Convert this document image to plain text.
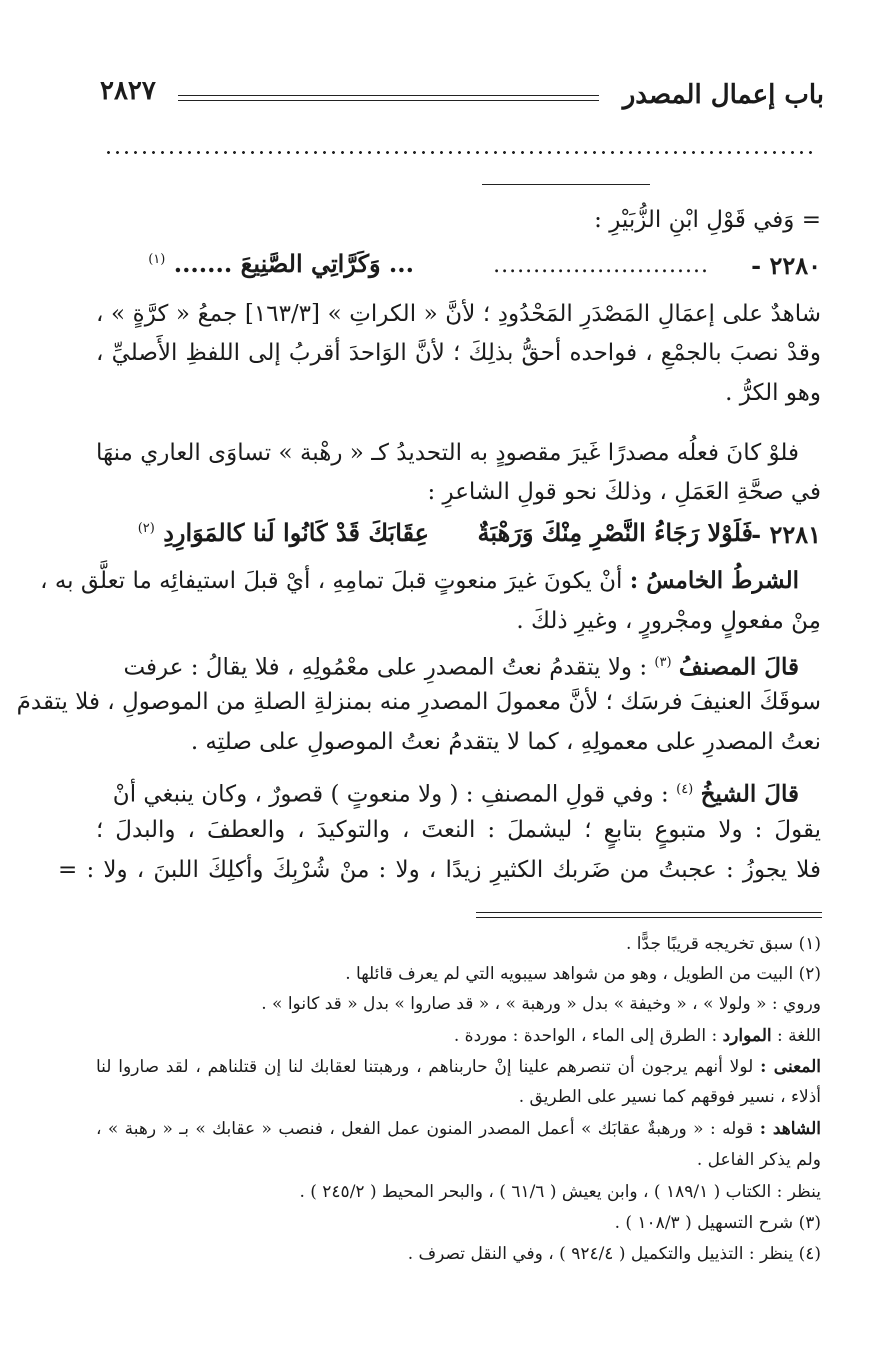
باب إعمال المصدر
٢٨٢٧
= وَفي قَوْلِ ابْنِ الزُّبَيْرِ :
٢٢٨٠ -
...........................
... وَكَرَّاتِي الصَّنِيعَ ....... $^{(١)}$
شاهدٌ على إعمَالِ المَصْدَرِ المَحْدُودِ ؛ لأنَّ « الكراتِ » [١٦٣/٣] جمعُ « كرَّةٍ » ،
وقدْ نصبَ بالجمْعِ ، فواحده أحقُّ بذلِكَ ؛ لأنَّ الوَاحدَ أقربُ إلى اللفظِ الأَصليِّ ،
وهو الكرُّ .
فلوْ كانَ فعلُه مصدرًا غَيرَ مقصودٍ به التحديدُ كـ « رهْبة » تساوَى العاري منهَا
في صحَّةِ العَمَلِ ، وذلكَ نحو قولِ الشاعرِ :
٢٢٨١ -
فَلَوْلا رَجَاءُ النَّصْرِ مِنْكَ وَرَهْبَةٌ
عِقَابَكَ قَدْ كَانُوا لَنا كالمَوَارِدِ $^{(٢)}$
الشرطُ الخامسُ : أنْ يكونَ غيرَ منعوتٍ قبلَ تمامِهِ ، أيْ قبلَ استيفائِه ما تعلَّق به ،
مِنْ مفعولٍ ومجْرورٍ ، وغيرِ ذلكَ .
قالَ المصنفُ $^{(٣)}$ : ولا يتقدمُ نعتُ المصدرِ على معْمُولِهِ ، فلا يقالُ : عرفت
سوقَكَ العنيفَ فرسَك ؛ لأنَّ معمولَ المصدرِ منه بمنزلةِ الصلةِ من الموصولِ ، فلا يتقدمَ
نعتُ المصدرِ على معمولِهِ ، كما لا يتقدمُ نعتُ الموصولِ على صلتِه .
قالَ الشيخُ $^{(٤)}$ : وفي قولِ المصنفِ : ( ولا منعوتٍ ) قصورٌ ، وكان ينبغي أنْ
يقولَ : ولا متبوعٍ بتابعٍ ؛ ليشملَ : النعتَ ، والتوكيدَ ، والعطفَ ، والبدلَ ؛
فلا يجوزُ : عجبتُ من ضَربك الكثيرِ زيدًا ، ولا : منْ شُرْبِكَ وأكلِكَ اللبنَ ، ولا : =
(١) سبق تخريجه قريبًا جدًّا .
(٢) البيت من الطويل ، وهو من شواهد سيبويه التي لم يعرف قائلها .
وروي : « ولولا » ، « وخيفة » بدل « ورهبة » ، « قد صاروا » بدل « قد كانوا » .
اللغة : الموارد : الطرق إلى الماء ، الواحدة : موردة .
المعنى : لولا أنهم يرجون أن تنصرهم علينا إنْ حاربناهم ، ورهبتنا لعقابك لنا إن قتلناهم ، لقد صاروا لنا
أذلاء ، نسير فوقهم كما نسير على الطريق .
الشاهد : قوله : « ورهبةٌ عقابَك » أعمل المصدر المنون عمل الفعل ، فنصب « عقابك » بـ « رهبة » ،
ولم يذكر الفاعل .
ينظر : الكتاب ( ١٨٩/١ ) ، وابن يعيش ( ٦١/٦ ) ، والبحر المحيط ( ٢٤٥/٢ ) .
(٣) شرح التسهيل ( ١٠٨/٣ ) .
(٤) ينظر : التذييل والتكميل ( ٩٢٤/٤ ) ، وفي النقل تصرف .
